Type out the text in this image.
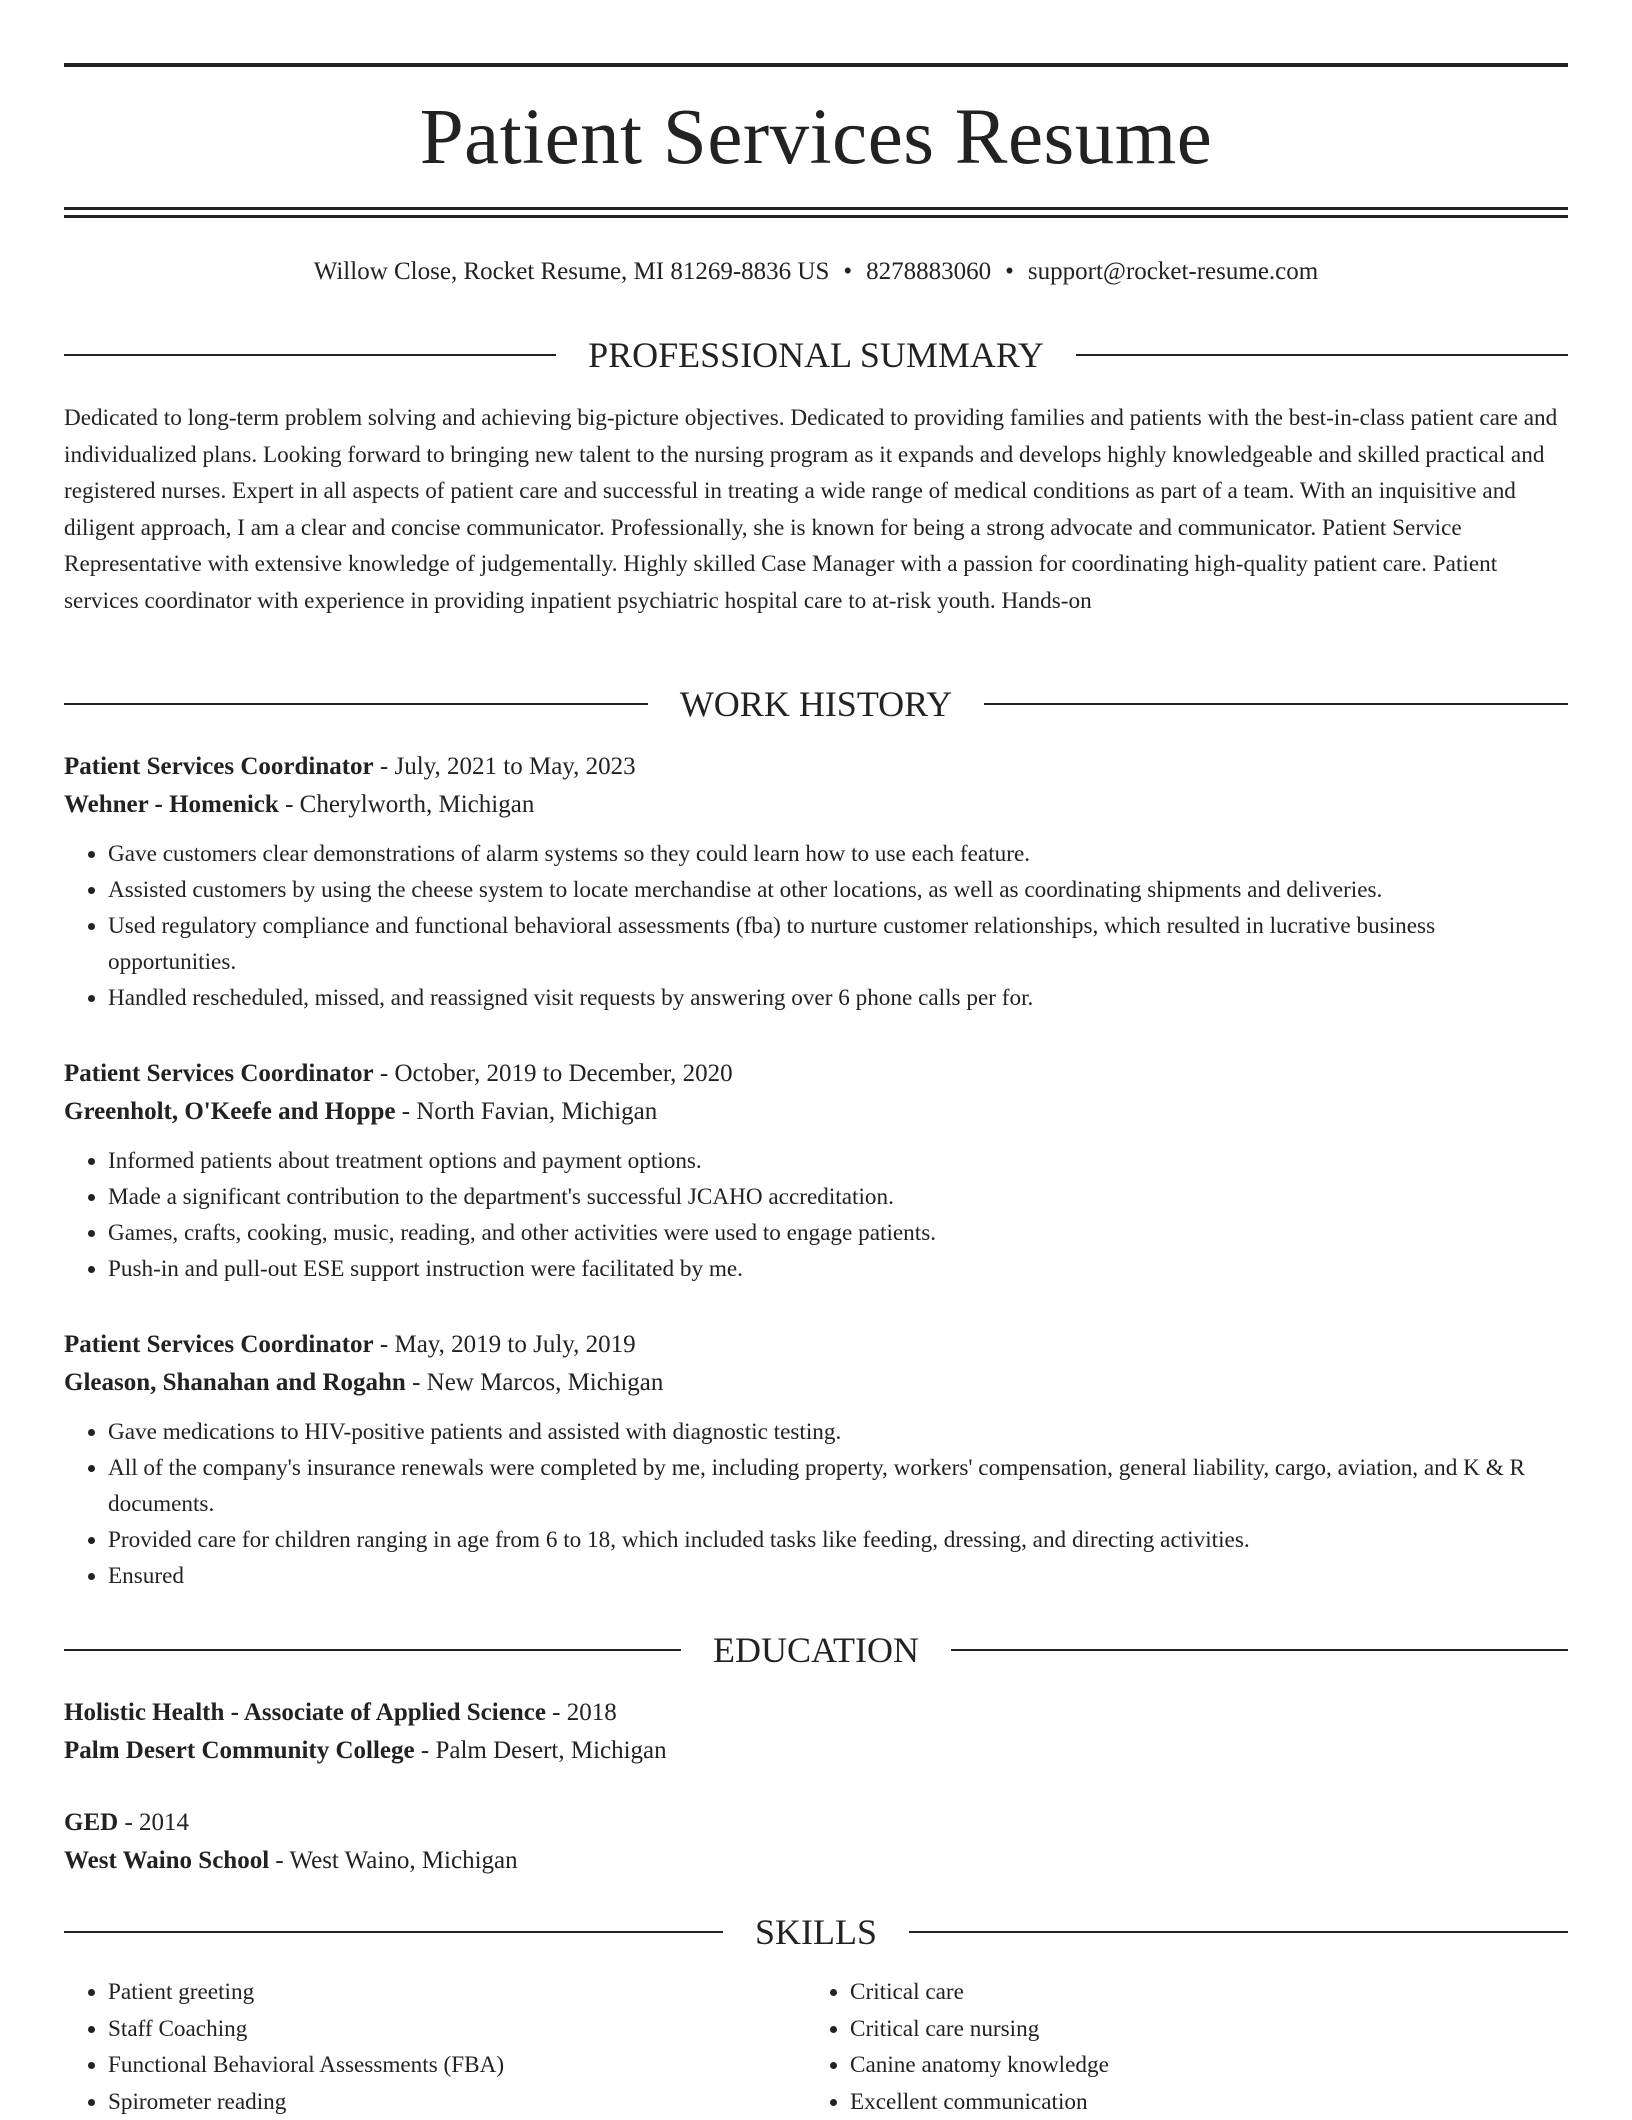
Patient Services Resume
Willow Close, Rocket Resume, MI 81269-8836 US • 8278883060 • support@rocket-resume.com
PROFESSIONAL SUMMARY

Dedicated to long-term problem solving and achieving big-picture objectives. Dedicated to providing families and patients with the best-in-class patient care and individualized plans. Looking forward to bringing new talent to the nursing program as it expands and develops highly knowledgeable and skilled practical and registered nurses. Expert in all aspects of patient care and successful in treating a wide range of medical conditions as part of a team. With an inquisitive and diligent approach, I am a clear and concise communicator. Professionally, she is known for being a strong advocate and communicator. Patient Service Representative with extensive knowledge of judgementally. Highly skilled Case Manager with a passion for coordinating high-quality patient care. Patient services coordinator with experience in providing inpatient psychiatric hospital care to at-risk youth. Hands-on

WORK HISTORY
Patient Services Coordinator - July, 2021 to May, 2023
Wehner - Homenick - Cherylworth, Michigan
• Gave customers clear demonstrations of alarm systems so they could learn how to use each feature.
• Assisted customers by using the cheese system to locate merchandise at other locations, as well as coordinating shipments and deliveries.
• Used regulatory compliance and functional behavioral assessments (fba) to nurture customer relationships, which resulted in lucrative business opportunities.
• Handled rescheduled, missed, and reassigned visit requests by answering over 6 phone calls per for.
Patient Services Coordinator - October, 2019 to December, 2020
Greenholt, O'Keefe and Hoppe - North Favian, Michigan
• Informed patients about treatment options and payment options.
• Made a significant contribution to the department's successful JCAHO accreditation.
• Games, crafts, cooking, music, reading, and other activities were used to engage patients.
• Push-in and pull-out ESE support instruction were facilitated by me.
Patient Services Coordinator - May, 2019 to July, 2019
Gleason, Shanahan and Rogahn - New Marcos, Michigan
• Gave medications to HIV-positive patients and assisted with diagnostic testing.
• All of the company's insurance renewals were completed by me, including property, workers' compensation, general liability, cargo, aviation, and K & R documents.
• Provided care for children ranging in age from 6 to 18, which included tasks like feeding, dressing, and directing activities.
• Ensured
EDUCATION
Holistic Health - Associate of Applied Science - 2018
Palm Desert Community College - Palm Desert, Michigan
GED - 2014
West Waino School - West Waino, Michigan
SKILLS
• Patient greeting
• Staff Coaching
• Functional Behavioral Assessments (FBA)
• Spirometer reading
• Critical care
• Critical care nursing
• Canine anatomy knowledge
• Excellent communication
